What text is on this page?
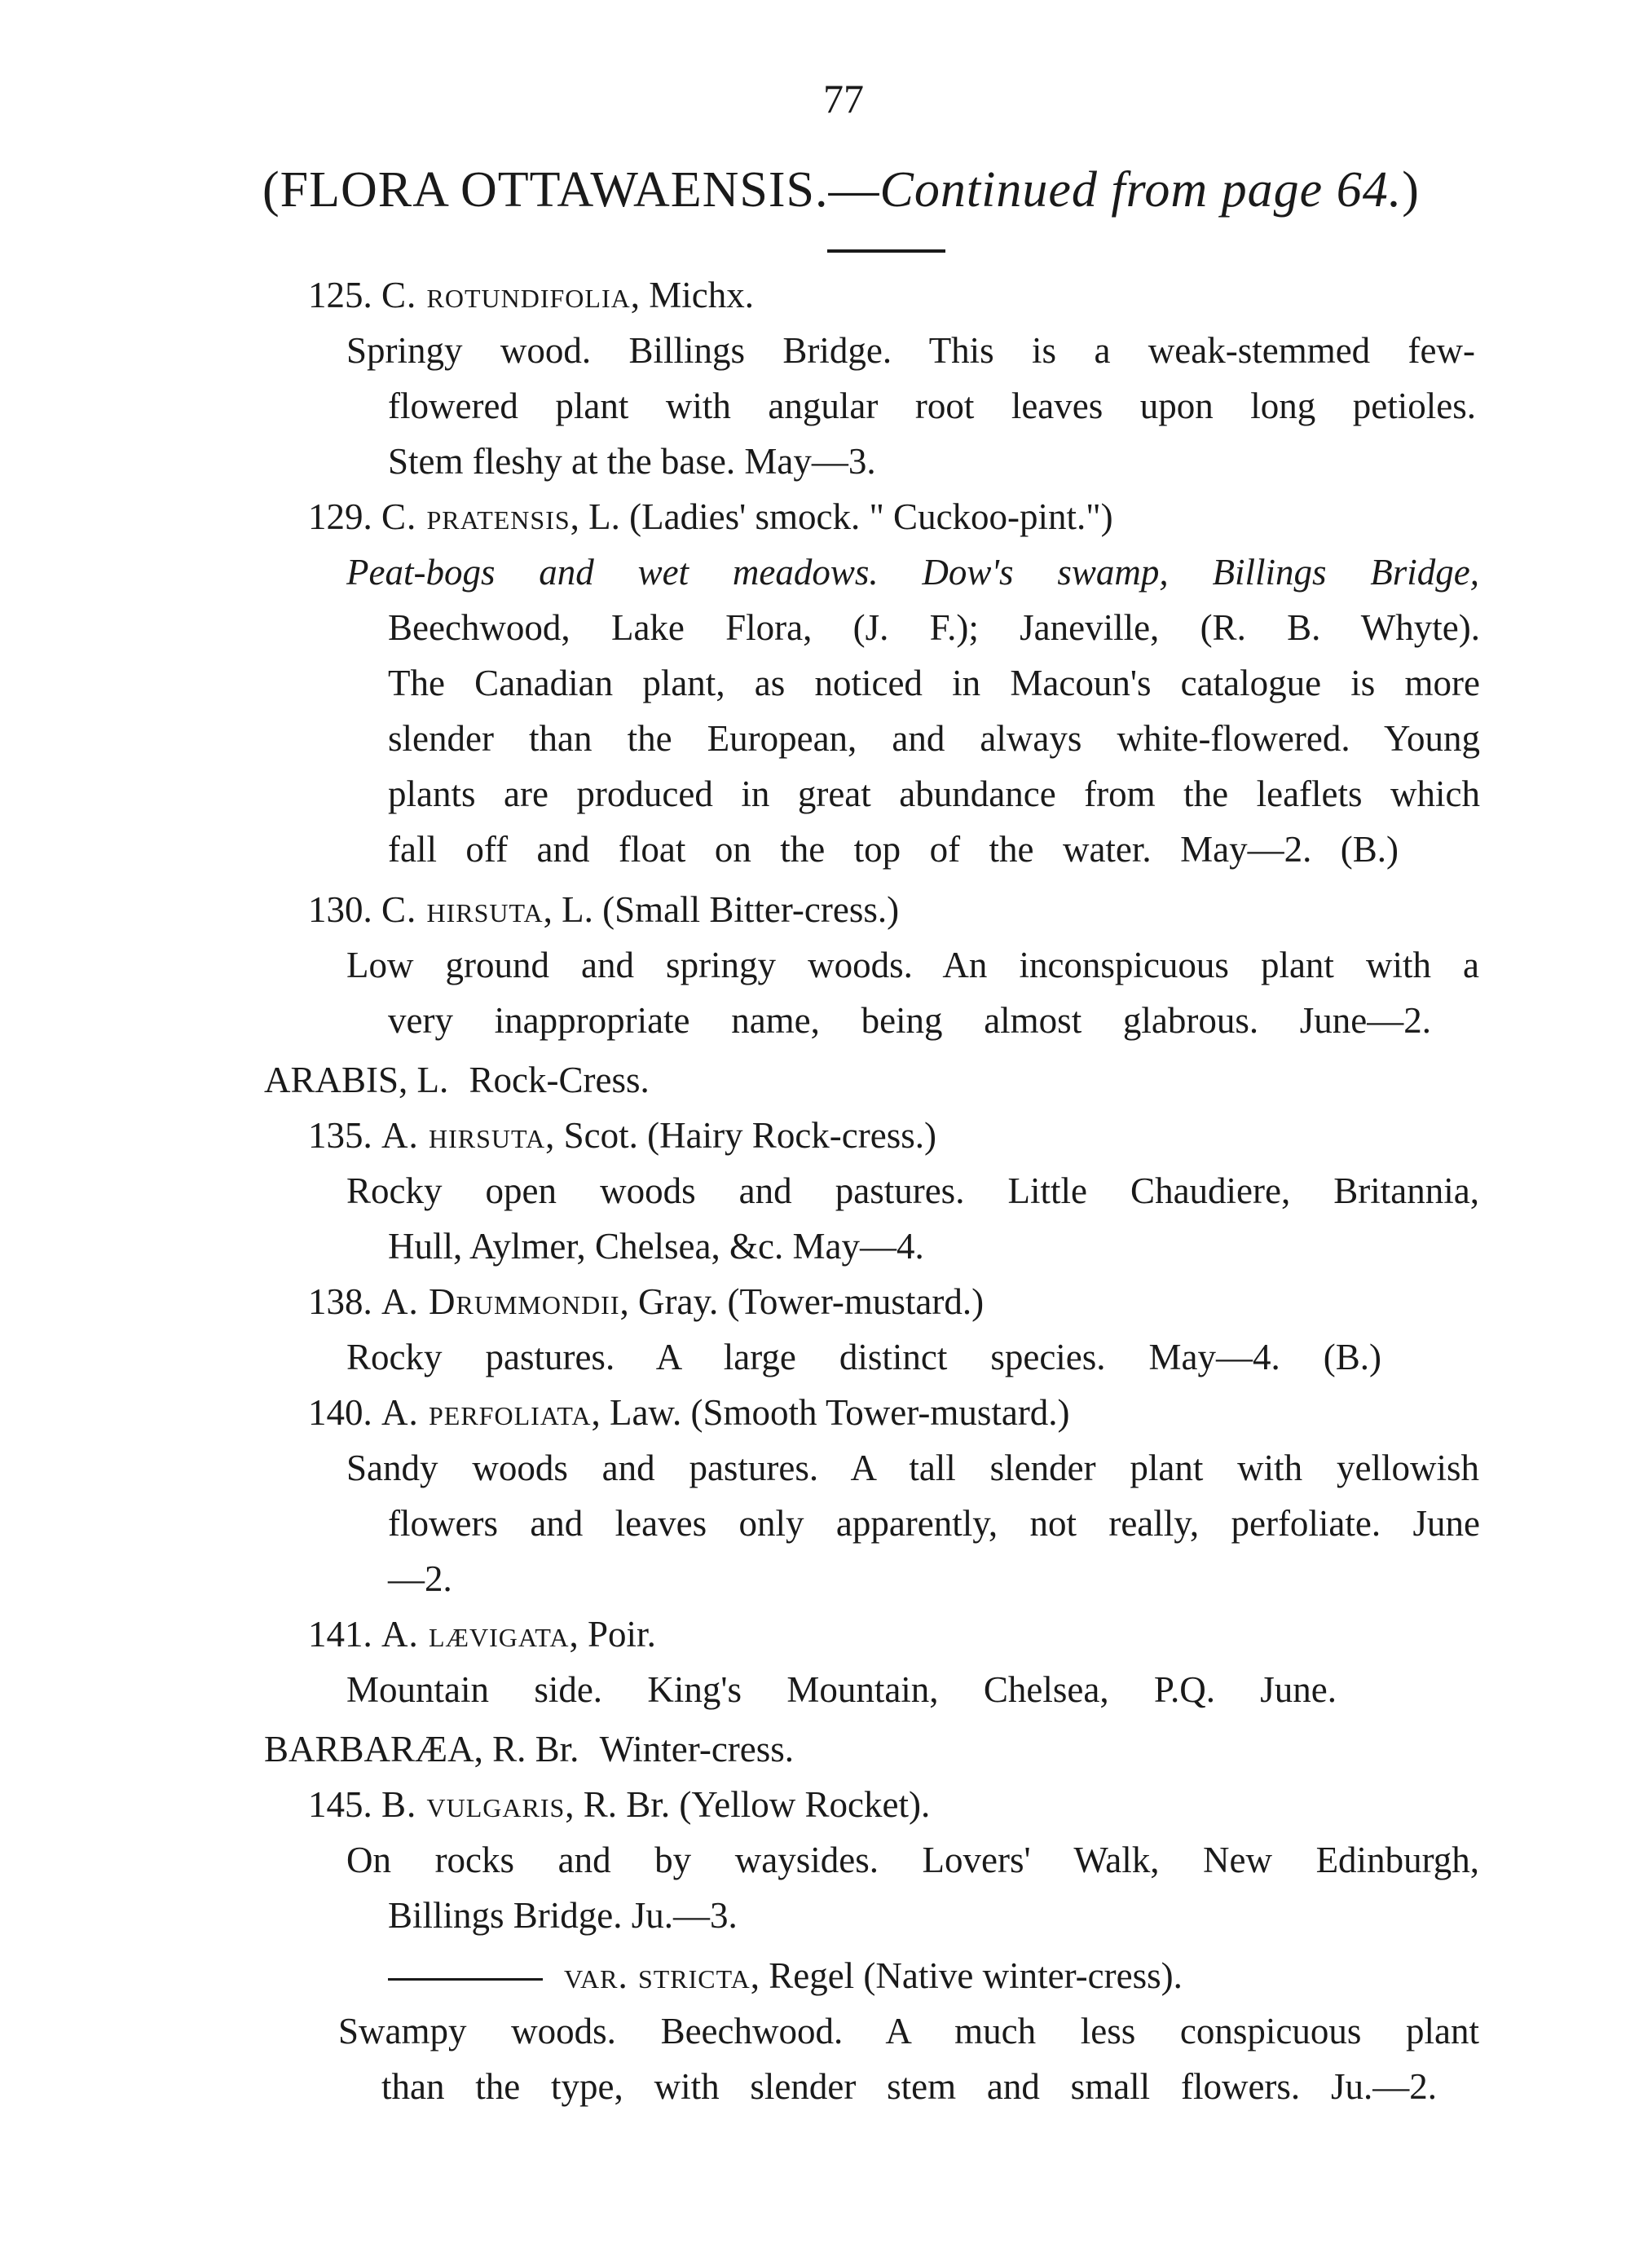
77
(FLORA OTTAWAENSIS.—Continued from page 64.)
125. C. rotundifolia, Michx.
Springy wood. Billings Bridge. This is a weak-stemmed few-
flowered plant with angular root leaves upon long petioles.
Stem fleshy at the base. May—3.
129. C. pratensis, L. (Ladies' smock. " Cuckoo-pint.")
Peat-bogs and wet meadows. Dow's swamp, Billings Bridge,
Beechwood, Lake Flora, (J. F.); Janeville, (R. B. Whyte).
The Canadian plant, as noticed in Macoun's catalogue is more
slender than the European, and always white-flowered. Young
plants are produced in great abundance from the leaflets which
fall off and float on the top of the water. May—2. (B.)
130. C. hirsuta, L. (Small Bitter-cress.)
Low ground and springy woods. An inconspicuous plant with a
very inappropriate name, being almost glabrous. June—2.
ARABIS, L. Rock-Cress.
135. A. hirsuta, Scot. (Hairy Rock-cress.)
Rocky open woods and pastures. Little Chaudiere, Britannia,
Hull, Aylmer, Chelsea, &c. May—4.
138. A. Drummondii, Gray. (Tower-mustard.)
Rocky pastures. A large distinct species. May—4. (B.)
140. A. perfoliata, Law. (Smooth Tower-mustard.)
Sandy woods and pastures. A tall slender plant with yellowish
flowers and leaves only apparently, not really, perfoliate. June
—2.
141. A. lævigata, Poir.
Mountain side. King's Mountain, Chelsea, P.Q. June.
BARBARÆA, R. Br. Winter-cress.
145. B. vulgaris, R. Br. (Yellow Rocket).
On rocks and by waysides. Lovers' Walk, New Edinburgh,
Billings Bridge. Ju.—3.
var. stricta, Regel (Native winter-cress).
Swampy woods. Beechwood. A much less conspicuous plant
than the type, with slender stem and small flowers. Ju.—2.
